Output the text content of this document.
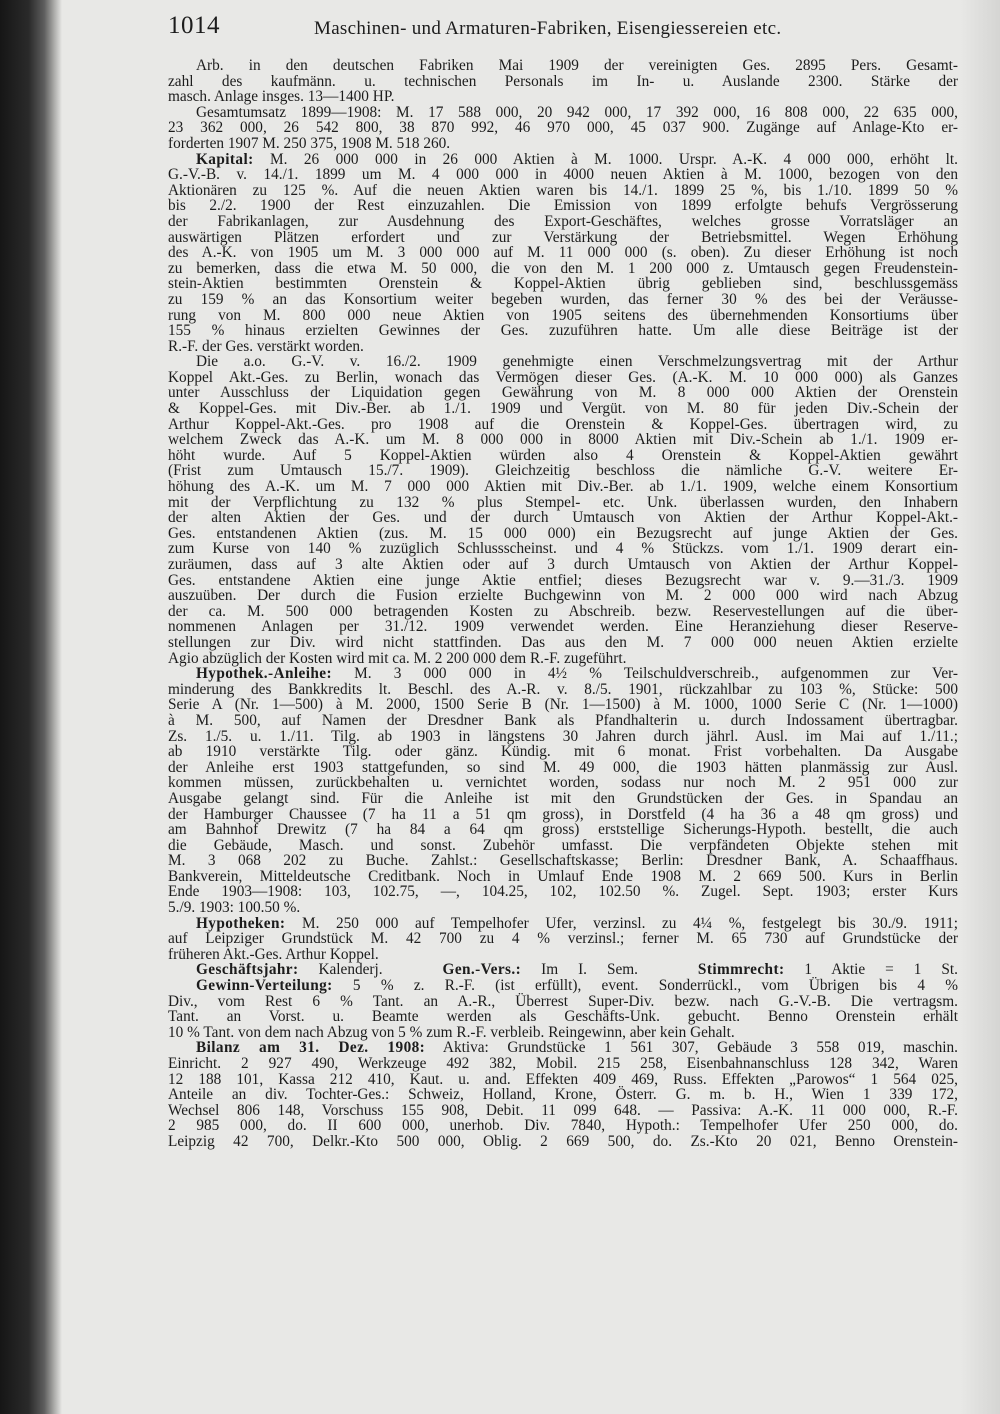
1014	Maschinen- und Armaturen-Fabriken, Eisengiessereien etc.
Arb. in den deutschen Fabriken Mai 1909 der vereinigten Ges. 2895 Pers. Gesamt-
zahl des kaufmänn. u. technischen Personals im In- u. Auslande 2300. Stärke der
masch. Anlage insges. 13—1400 HP.
Gesamtumsatz 1899—1908: M. 17 588 000, 20 942 000, 17 392 000, 16 808 000, 22 635 000,
23 362 000, 26 542 800, 38 870 992, 46 970 000, 45 037 900. Zugänge auf Anlage-Kto er-
forderten 1907 M. 250 375, 1908 M. 518 260.
Kapital: M. 26 000 000 in 26 000 Aktien à M. 1000. Urspr. A.-K. 4 000 000, erhöht lt.
G.-V.-B. v. 14./1. 1899 um M. 4 000 000 in 4000 neuen Aktien à M. 1000, bezogen von den
Aktionären zu 125 %. Auf die neuen Aktien waren bis 14./1. 1899 25 %, bis 1./10. 1899 50 %
bis 2./2. 1900 der Rest einzuzahlen. Die Emission von 1899 erfolgte behufs Vergrösserung
der Fabrikanlagen, zur Ausdehnung des Export-Geschäftes, welches grosse Vorratsläger an
auswärtigen Plätzen erfordert und zur Verstärkung der Betriebsmittel. Wegen Erhöhung
des A.-K. von 1905 um M. 3 000 000 auf M. 11 000 000 (s. oben). Zu dieser Erhöhung ist noch
zu bemerken, dass die etwa M. 50 000, die von den M. 1 200 000 z. Umtausch gegen Freudenstein-
stein-Aktien bestimmten Orenstein & Koppel-Aktien übrig geblieben sind, beschlussgemäss
zu 159 % an das Konsortium weiter begeben wurden, das ferner 30 % des bei der Veräusse-
rung von M. 800 000 neue Aktien von 1905 seitens des übernehmenden Konsortiums über
155 % hinaus erzielten Gewinnes der Ges. zuzuführen hatte. Um alle diese Beiträge ist der
R.-F. der Ges. verstärkt worden.
Die a.o. G.-V. v. 16./2. 1909 genehmigte einen Verschmelzungsvertrag mit der Arthur
Koppel Akt.-Ges. zu Berlin, wonach das Vermögen dieser Ges. (A.-K. M. 10 000 000) als Ganzes
unter Ausschluss der Liquidation gegen Gewährung von M. 8 000 000 Aktien der Orenstein
& Koppel-Ges. mit Div.-Ber. ab 1./1. 1909 und Vergüt. von M. 80 für jeden Div.-Schein der
Arthur Koppel-Akt.-Ges. pro 1908 auf die Orenstein & Koppel-Ges. übertragen wird, zu
welchem Zweck das A.-K. um M. 8 000 000 in 8000 Aktien mit Div.-Schein ab 1./1. 1909 er-
höht wurde. Auf 5 Koppel-Aktien würden also 4 Orenstein & Koppel-Aktien gewährt
(Frist zum Umtausch 15./7. 1909). Gleichzeitig beschloss die nämliche G.-V. weitere Er-
höhung des A.-K. um M. 7 000 000 Aktien mit Div.-Ber. ab 1./1. 1909, welche einem Konsortium
mit der Verpflichtung zu 132 % plus Stempel- etc. Unk. überlassen wurden, den Inhabern
der alten Aktien der Ges. und der durch Umtausch von Aktien der Arthur Koppel-Akt.-
Ges. entstandenen Aktien (zus. M. 15 000 000) ein Bezugsrecht auf junge Aktien der Ges.
zum Kurse von 140 % zuzüglich Schlussscheinst. und 4 % Stückzs. vom 1./1. 1909 derart ein-
zuräumen, dass auf 3 alte Aktien oder auf 3 durch Umtausch von Aktien der Arthur Koppel-
Ges. entstandene Aktien eine junge Aktie entfiel; dieses Bezugsrecht war v. 9.—31./3. 1909
auszuüben. Der durch die Fusion erzielte Buchgewinn von M. 2 000 000 wird nach Abzug
der ca. M. 500 000 betragenden Kosten zu Abschreib. bezw. Reservestellungen auf die über-
nommenen Anlagen per 31./12. 1909 verwendet werden. Eine Heranziehung dieser Reserve-
stellungen zur Div. wird nicht stattfinden. Das aus den M. 7 000 000 neuen Aktien erzielte
Agio abzüglich der Kosten wird mit ca. M. 2 200 000 dem R.-F. zugeführt.
Hypothek.-Anleihe: M. 3 000 000 in 4½ % Teilschuldverschreib., aufgenommen zur Ver-
minderung des Bankkredits lt. Beschl. des A.-R. v. 8./5. 1901, rückzahlbar zu 103 %, Stücke: 500
Serie A (Nr. 1—500) à M. 2000, 1500 Serie B (Nr. 1—1500) à M. 1000, 1000 Serie C (Nr. 1—1000)
à M. 500, auf Namen der Dresdner Bank als Pfandhalterin u. durch Indossament übertragbar.
Zs. 1./5. u. 1./11. Tilg. ab 1903 in längstens 30 Jahren durch jährl. Ausl. im Mai auf 1./11.;
ab 1910 verstärkte Tilg. oder gänz. Kündig. mit 6 monat. Frist vorbehalten. Da Ausgabe
der Anleihe erst 1903 stattgefunden, so sind M. 49 000, die 1903 hätten planmässig zur Ausl.
kommen müssen, zurückbehalten u. vernichtet worden, sodass nur noch M. 2 951 000 zur
Ausgabe gelangt sind. Für die Anleihe ist mit den Grundstücken der Ges. in Spandau an
der Hamburger Chaussee (7 ha 11 a 51 qm gross), in Dorstfeld (4 ha 36 a 48 qm gross) und
am Bahnhof Drewitz (7 ha 84 a 64 qm gross) erststellige Sicherungs-Hypoth. bestellt, die auch
die Gebäude, Masch. und sonst. Zubehör umfasst. Die verpfändeten Objekte stehen mit
M. 3 068 202 zu Buche. Zahlst.: Gesellschaftskasse; Berlin: Dresdner Bank, A. Schaaffhaus.
Bankverein, Mitteldeutsche Creditbank. Noch in Umlauf Ende 1908 M. 2 669 500. Kurs in Berlin
Ende 1903—1908: 103, 102.75, —, 104.25, 102, 102.50 %. Zugel. Sept. 1903; erster Kurs
5./9. 1903: 100.50 %.
Hypotheken: M. 250 000 auf Tempelhofer Ufer, verzinsl. zu 4¼ %, festgelegt bis 30./9. 1911;
auf Leipziger Grundstück M. 42 700 zu 4 % verzinsl.; ferner M. 65 730 auf Grundstücke der
früheren Akt.-Ges. Arthur Koppel.
Geschäftsjahr: Kalenderj.   Gen.-Vers.: Im I. Sem.   Stimmrecht: 1 Aktie = 1 St.
Gewinn-Verteilung: 5 % z. R.-F. (ist erfüllt), event. Sonderrückl., vom Übrigen bis 4 %
Div., vom Rest 6 % Tant. an A.-R., Überrest Super-Div. bezw. nach G.-V.-B. Die vertragsm.
Tant. an Vorst. u. Beamte werden als Geschäfts-Unk. gebucht. Benno Orenstein erhält
10 % Tant. von dem nach Abzug von 5 % zum R.-F. verbleib. Reingewinn, aber kein Gehalt.
Bilanz am 31. Dez. 1908: Aktiva: Grundstücke 1 561 307, Gebäude 3 558 019, maschin.
Einricht. 2 927 490, Werkzeuge 492 382, Mobil. 215 258, Eisenbahnanschluss 128 342, Waren
12 188 101, Kassa 212 410, Kaut. u. and. Effekten 409 469, Russ. Effekten „Parowos“ 1 564 025,
Anteile an div. Tochter-Ges.: Schweiz, Holland, Krone, Österr. G. m. b. H., Wien 1 339 172,
Wechsel 806 148, Vorschuss 155 908, Debit. 11 099 648. — Passiva: A.-K. 11 000 000, R.-F.
2 985 000, do. II 600 000, unerhob. Div. 7840, Hypoth.: Tempelhofer Ufer 250 000, do.
Leipzig 42 700, Delkr.-Kto 500 000, Oblig. 2 669 500, do. Zs.-Kto 20 021, Benno Orenstein-
